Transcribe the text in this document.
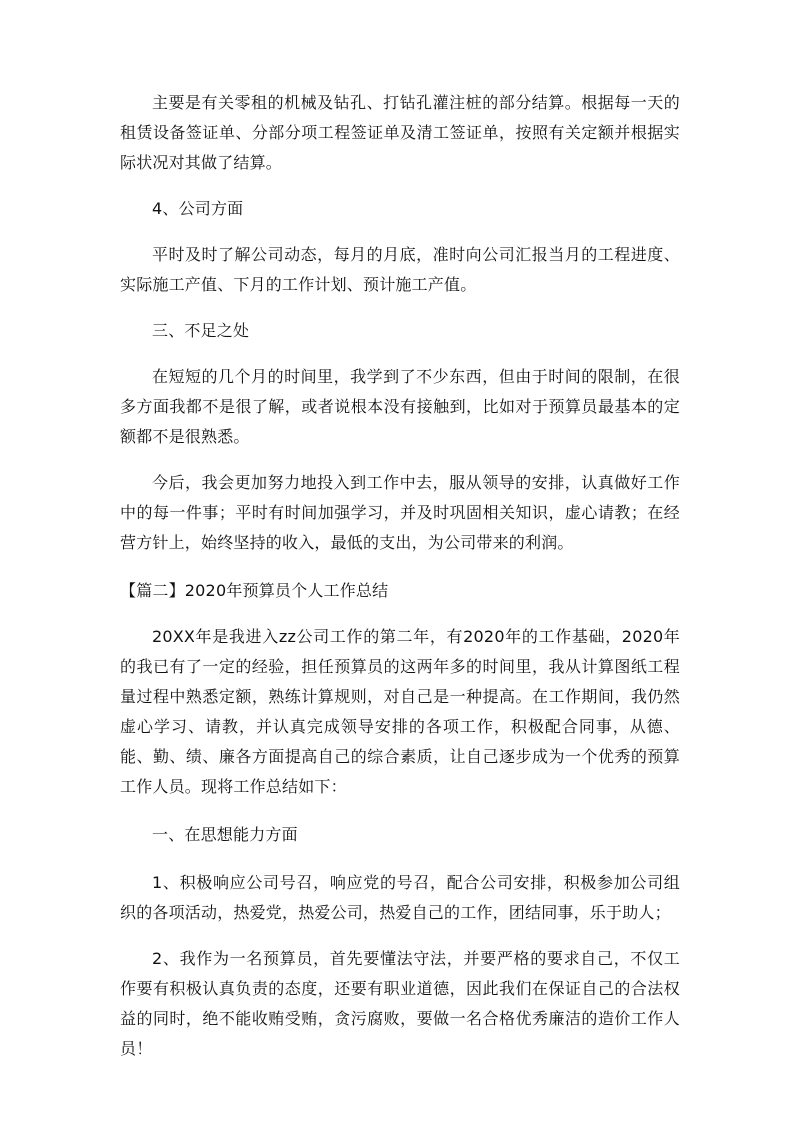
主要是有关零租的机械及钻孔、打钻孔灌注桩的部分结算。根据每一天的租赁设备签证单、分部分项工程签证单及清工签证单，按照有关定额并根据实际状况对其做了结算。

4、公司方面

平时及时了解公司动态，每月的月底，准时向公司汇报当月的工程进度、实际施工产值、下月的工作计划、预计施工产值。

三、不足之处

在短短的几个月的时间里，我学到了不少东西，但由于时间的限制，在很多方面我都不是很了解，或者说根本没有接触到，比如对于预算员最基本的定额都不是很熟悉。

今后，我会更加努力地投入到工作中去，服从领导的安排，认真做好工作中的每一件事；平时有时间加强学习，并及时巩固相关知识，虚心请教；在经营方针上，始终坚持的收入，最低的支出，为公司带来的利润。

【篇二】2020年预算员个人工作总结

20XX年是我进入zz公司工作的第二年，有2020年的工作基础，2020年的我已有了一定的经验，担任预算员的这两年多的时间里，我从计算图纸工程量过程中熟悉定额，熟练计算规则，对自己是一种提高。在工作期间，我仍然虚心学习、请教，并认真完成领导安排的各项工作，积极配合同事，从德、能、勤、绩、廉各方面提高自己的综合素质，让自己逐步成为一个优秀的预算工作人员。现将工作总结如下：

一、在思想能力方面

1、积极响应公司号召，响应党的号召，配合公司安排，积极参加公司组织的各项活动，热爱党，热爱公司，热爱自己的工作，团结同事，乐于助人；

2、我作为一名预算员，首先要懂法守法，并要严格的要求自己，不仅工作要有积极认真负责的态度，还要有职业道德，因此我们在保证自己的合法权益的同时，绝不能收贿受贿，贪污腐败，要做一名合格优秀廉洁的造价工作人员！
